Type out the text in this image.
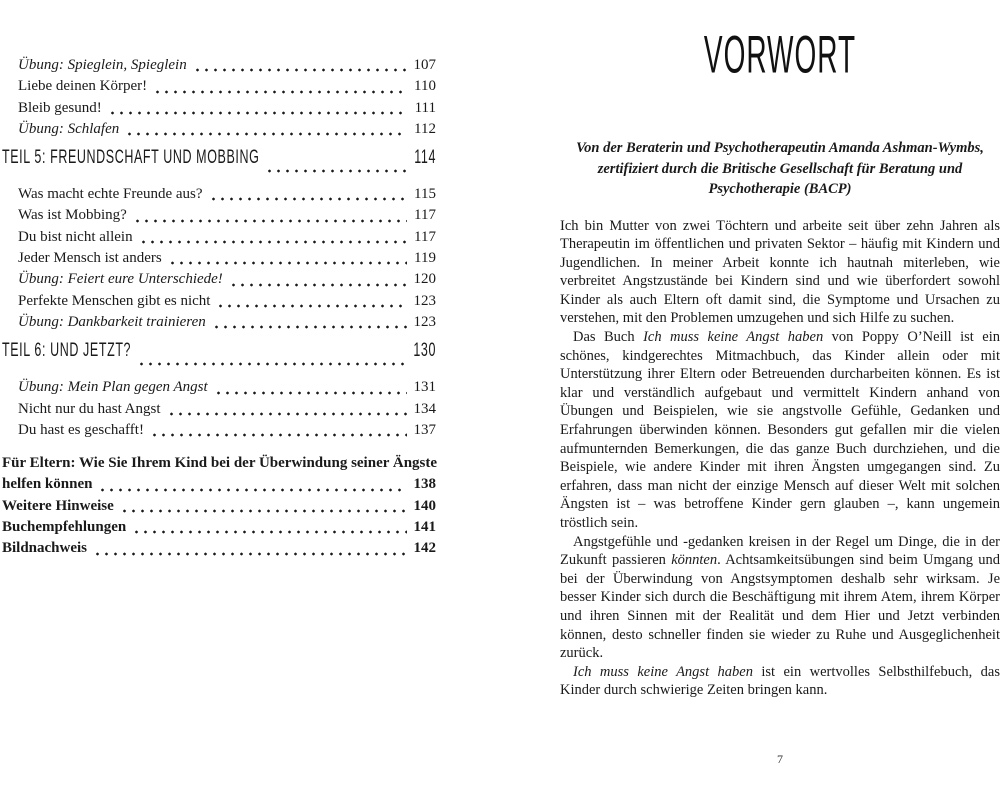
Übung: Spieglein, Spieglein	107
Liebe deinen Körper!	110
Bleib gesund!	111
Übung: Schlafen	112
TEIL 5: FREUNDSCHAFT UND MOBBING	114
Was macht echte Freunde aus?	115
Was ist Mobbing?	117
Du bist nicht allein	117
Jeder Mensch ist anders	119
Übung: Feiert eure Unterschiede!	120
Perfekte Menschen gibt es nicht	123
Übung: Dankbarkeit trainieren	123
TEIL 6: UND JETZT?	130
Übung: Mein Plan gegen Angst	131
Nicht nur du hast Angst	134
Du hast es geschafft!	137
Für Eltern: Wie Sie Ihrem Kind bei der Überwindung seiner Ängste
helfen können	138
Weitere Hinweise	140
Buchempfehlungen	141
Bildnachweis	142
VORWORT

Von der Beraterin und Psychotherapeutin Amanda Ashman-Wymbs, zertifiziert durch die Britische Gesellschaft für Beratung und Psychotherapie (BACP)

Ich bin Mutter von zwei Töchtern und arbeite seit über zehn Jahren als Therapeutin im öffentlichen und privaten Sektor – häufig mit Kindern und Jugendlichen. In meiner Arbeit konnte ich hautnah miterleben, wie verbreitet Angstzustände bei Kindern sind und wie überfordert sowohl Kinder als auch Eltern oft damit sind, die Symptome und Ursachen zu verstehen, mit den Problemen umzugehen und sich Hilfe zu suchen.

Das Buch Ich muss keine Angst haben von Poppy O’Neill ist ein schönes, kindgerechtes Mitmachbuch, das Kinder allein oder mit Unterstützung ihrer Eltern oder Betreuenden durcharbeiten können. Es ist klar und verständlich aufgebaut und vermittelt Kindern anhand von Übungen und Beispielen, wie sie angstvolle Gefühle, Gedanken und Erfahrungen überwinden können. Besonders gut gefallen mir die vielen aufmunternden Bemerkungen, die das ganze Buch durchziehen, und die Beispiele, wie andere Kinder mit ihren Ängsten umgegangen sind. Zu erfahren, dass man nicht der einzige Mensch auf dieser Welt mit solchen Ängsten ist – was betroffene Kinder gern glauben –, kann ungemein tröstlich sein.

Angstgefühle und -gedanken kreisen in der Regel um Dinge, die in der Zukunft passieren könnten. Achtsamkeitsübungen sind beim Umgang und bei der Überwindung von Angstsymptomen deshalb sehr wirksam. Je besser Kinder sich durch die Beschäftigung mit ihrem Atem, ihrem Körper und ihren Sinnen mit der Realität und dem Hier und Jetzt verbinden können, desto schneller finden sie wieder zu Ruhe und Ausgeglichenheit zurück.

Ich muss keine Angst haben ist ein wertvolles Selbsthilfebuch, das Kinder durch schwierige Zeiten bringen kann.

7
